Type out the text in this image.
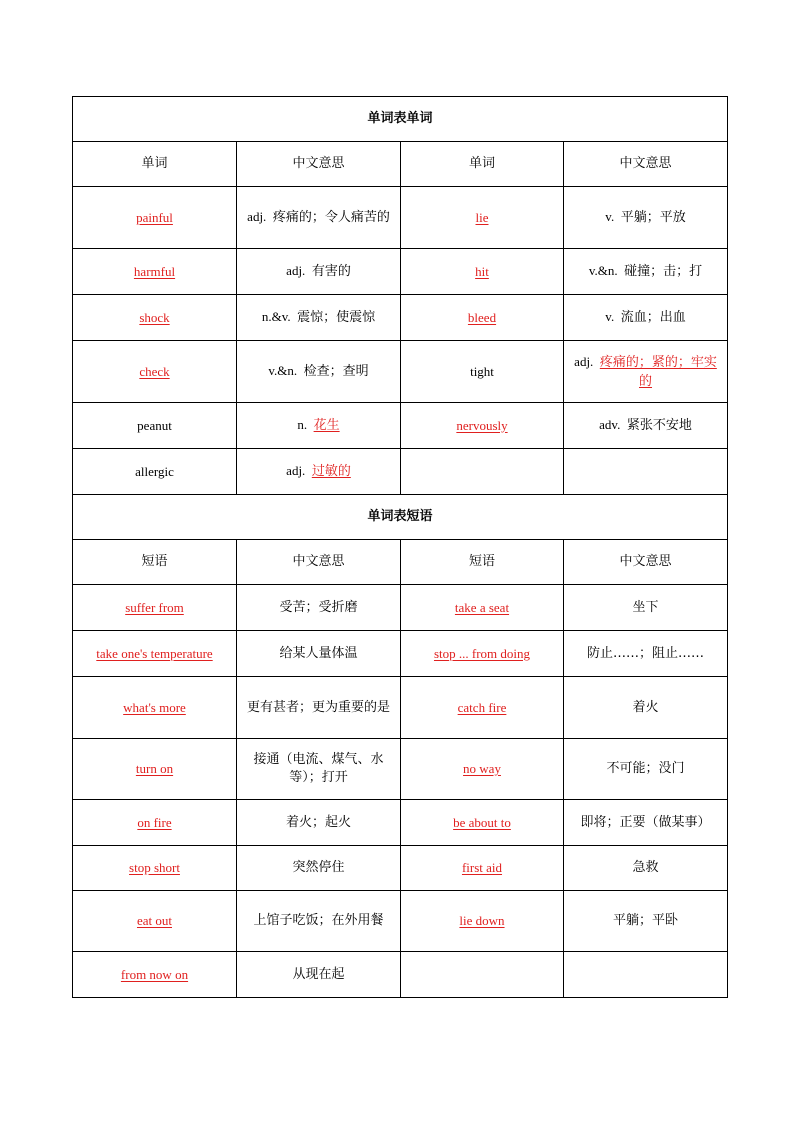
单词表单词			
单词	中文意思	单词	中文意思
painful	adj. 疼痛的；令人痛苦的	lie	v. 平躺；平放
harmful	adj. 有害的	hit	v.&n. 碰撞；击；打
shock	n.&v. 震惊；使震惊	bleed	v. 流血；出血
check	v.&n. 检查；查明	tight	adj. 疼痛的；紧的；牢实的
peanut	n. 花生	nervously	adv. 紧张不安地
allergic	adj. 过敏的		
单词表短语			
短语	中文意思	短语	中文意思
suffer from	受苦；受折磨	take a seat	坐下
take one's temperature	给某人量体温	stop ... from doing	防止……；阻止……
what's more	更有甚者；更为重要的是	catch fire	着火
turn on	接通（电流、煤气、水等）；打开	no way	不可能；没门
on fire	着火；起火	be about to	即将；正要（做某事）
stop short	突然停住	first aid	急救
eat out	上馆子吃饭；在外用餐	lie down	平躺；平卧
from now on	从现在起		
